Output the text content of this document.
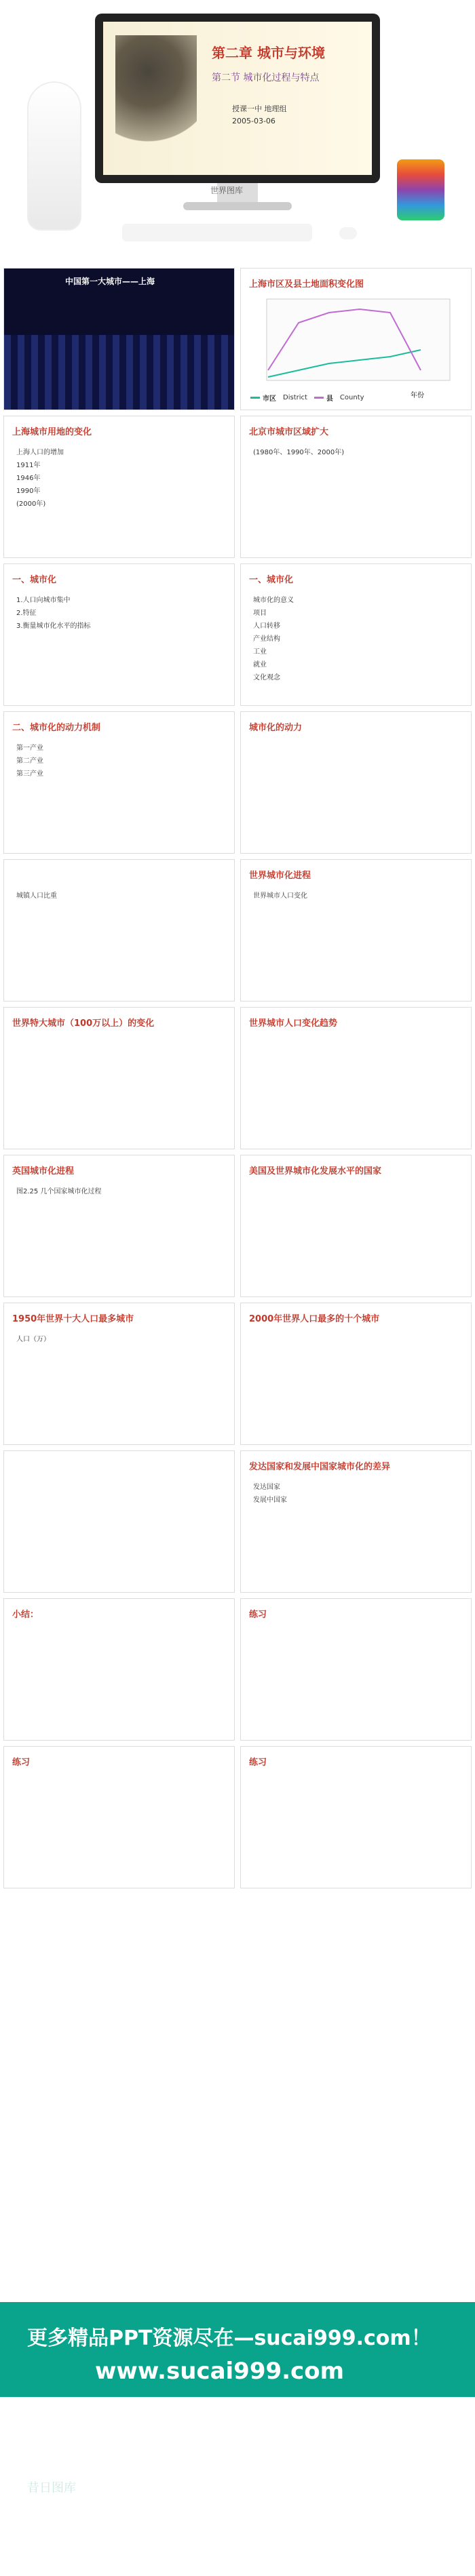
第二章 城市与环境
第二节 城市化过程与特点
授课一中 地理组
2005-03-06
世界图库
中国第一大城市——上海	上海市区及县土地面积变化图
年份
市区 District	县 County
上海城市用地的变化
上海人口的增加
1911年
1946年
1990年
(2000年)
北京市城市区域扩大
(1980年、1990年、2000年)
一、城市化
1.人口向城市集中
2.特征
3.衡量城市化水平的指标
一、城市化
城市化的意义
项目
人口转移
产业结构
工业
就业
文化观念
二、城市化的动力机制
第一产业
第二产业
第三产业
城市化的动力
城镇人口比重
世界城市化进程
世界城市人口变化
世界特大城市（100万以上）的变化	世界城市人口变化趋势
英国城市化进程
图2.25 几个国家城市化过程
美国及世界城市化发展水平的国家
1950年世界十大人口最多城市
人口（万）
2000年世界人口最多的十个城市
发达国家和发展中国家城市化的差异
发达国家
发展中国家
小结：	练习
练习	练习
更多精品PPT资源尽在—sucai999.com！
www.sucai999.com
昔日图库
